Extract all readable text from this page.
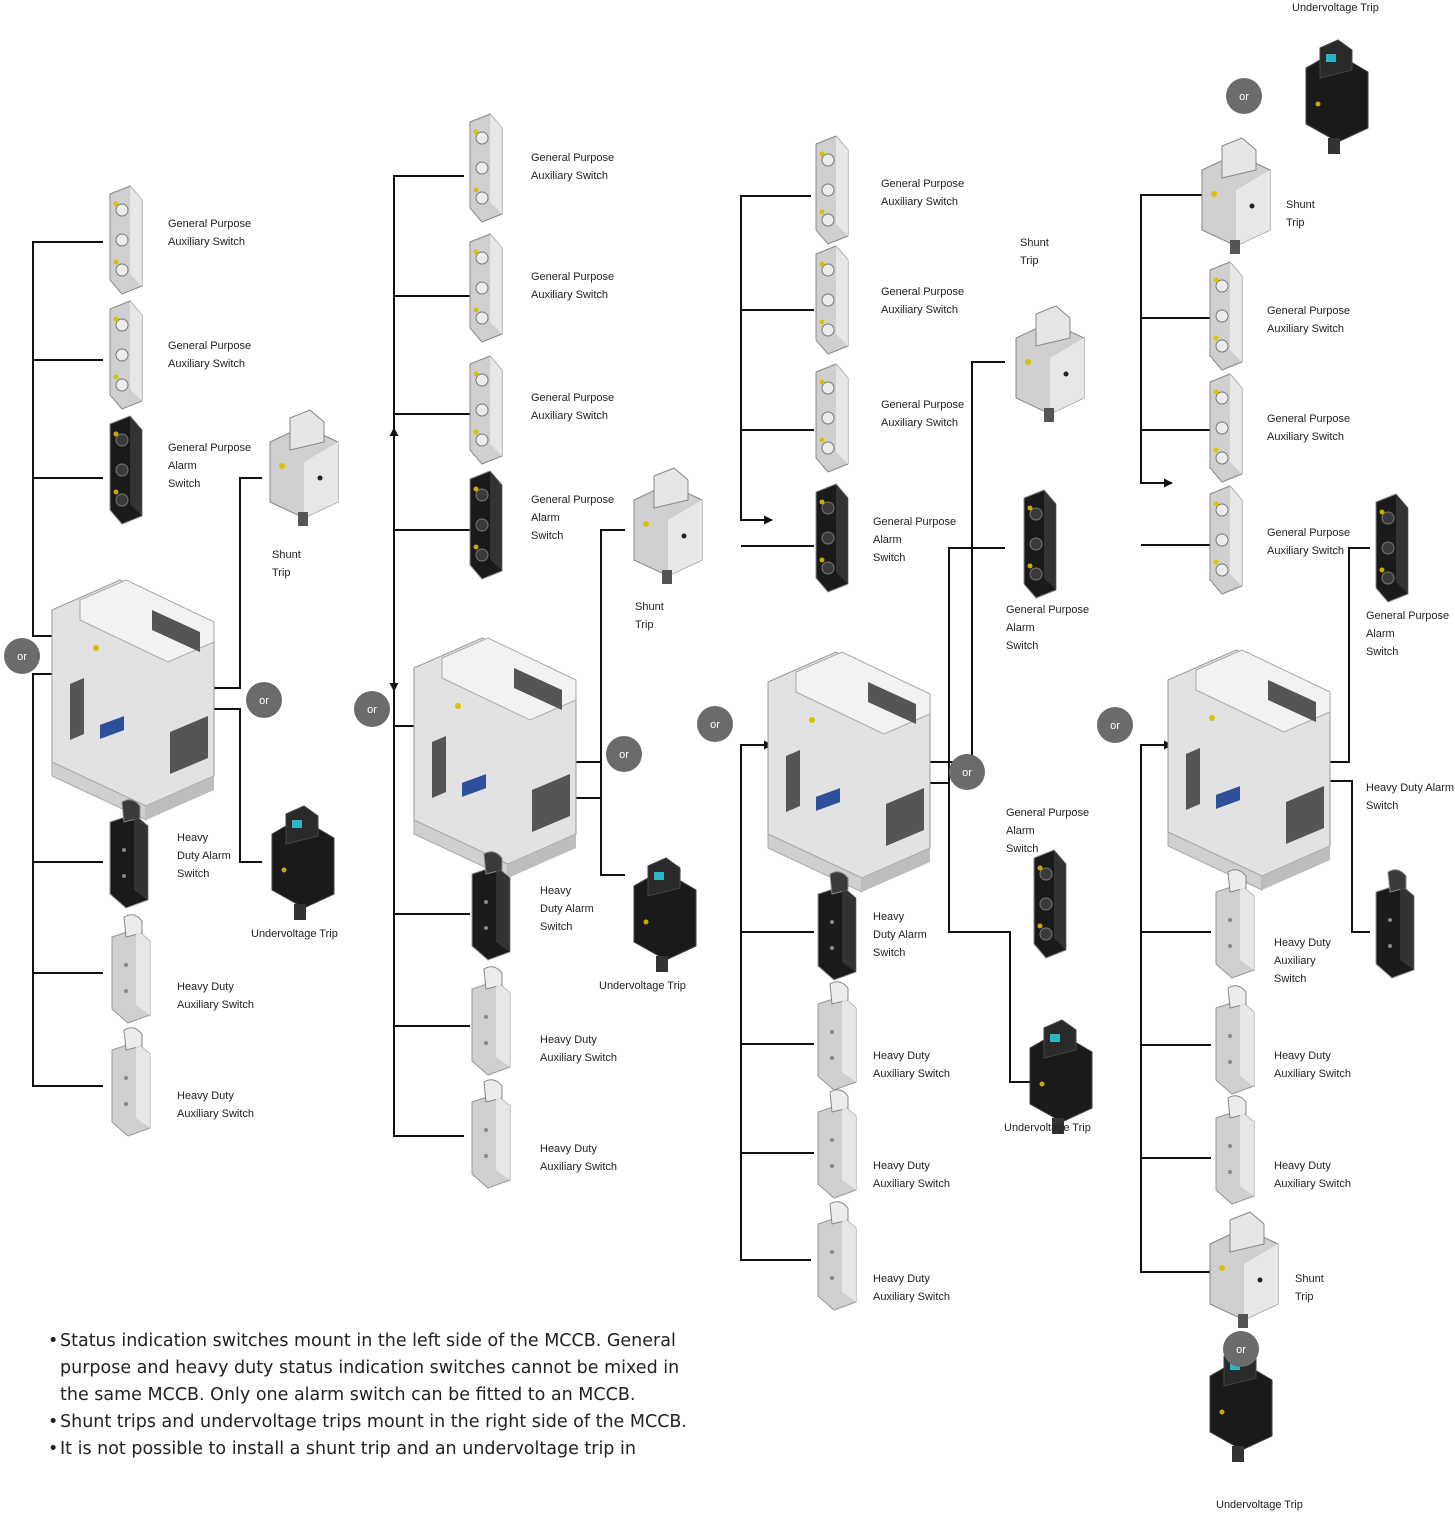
General Purpose Auxiliary Switch
General Purpose Auxiliary Switch
General Purpose Alarm Switch
Shunt Trip
Heavy Duty Alarm Switch
Undervoltage Trip
Heavy Duty Auxiliary Switch
Heavy Duty Auxiliary Switch
General Purpose Auxiliary Switch
General Purpose Auxiliary Switch
General Purpose Auxiliary Switch
General Purpose Alarm Switch
Shunt Trip
Heavy Duty Alarm Switch
Undervoltage Trip
Heavy Duty Auxiliary Switch
Heavy Duty Auxiliary Switch
General Purpose Auxiliary Switch
General Purpose Auxiliary Switch
General Purpose Auxiliary Switch
General Purpose Alarm Switch
Shunt Trip
General Purpose Alarm Switch
General Purpose Alarm Switch
Undervoltage Trip
Heavy Duty Alarm Switch
Heavy Duty Auxiliary Switch
Heavy Duty Auxiliary Switch
Heavy Duty Auxiliary Switch
Undervoltage Trip
Shunt Trip
General Purpose Auxiliary Switch
General Purpose Auxiliary Switch
General Purpose Auxiliary Switch
General Purpose Alarm Switch
Heavy Duty Alarm Switch
Heavy Duty Auxiliary Switch
Heavy Duty Auxiliary Switch
Heavy Duty Auxiliary Switch
Shunt Trip
Undervoltage Trip
or
or
or
or
or
or
or
or
or
• Status indication switches mount in the left side of the MCCB. General purpose and heavy duty status indication switches cannot be mixed in the same MCCB. Only one alarm switch can be fitted to an MCCB.
• Shunt trips and undervoltage trips mount in the right side of the MCCB.
• It is not possible to install a shunt trip and an undervoltage trip in
